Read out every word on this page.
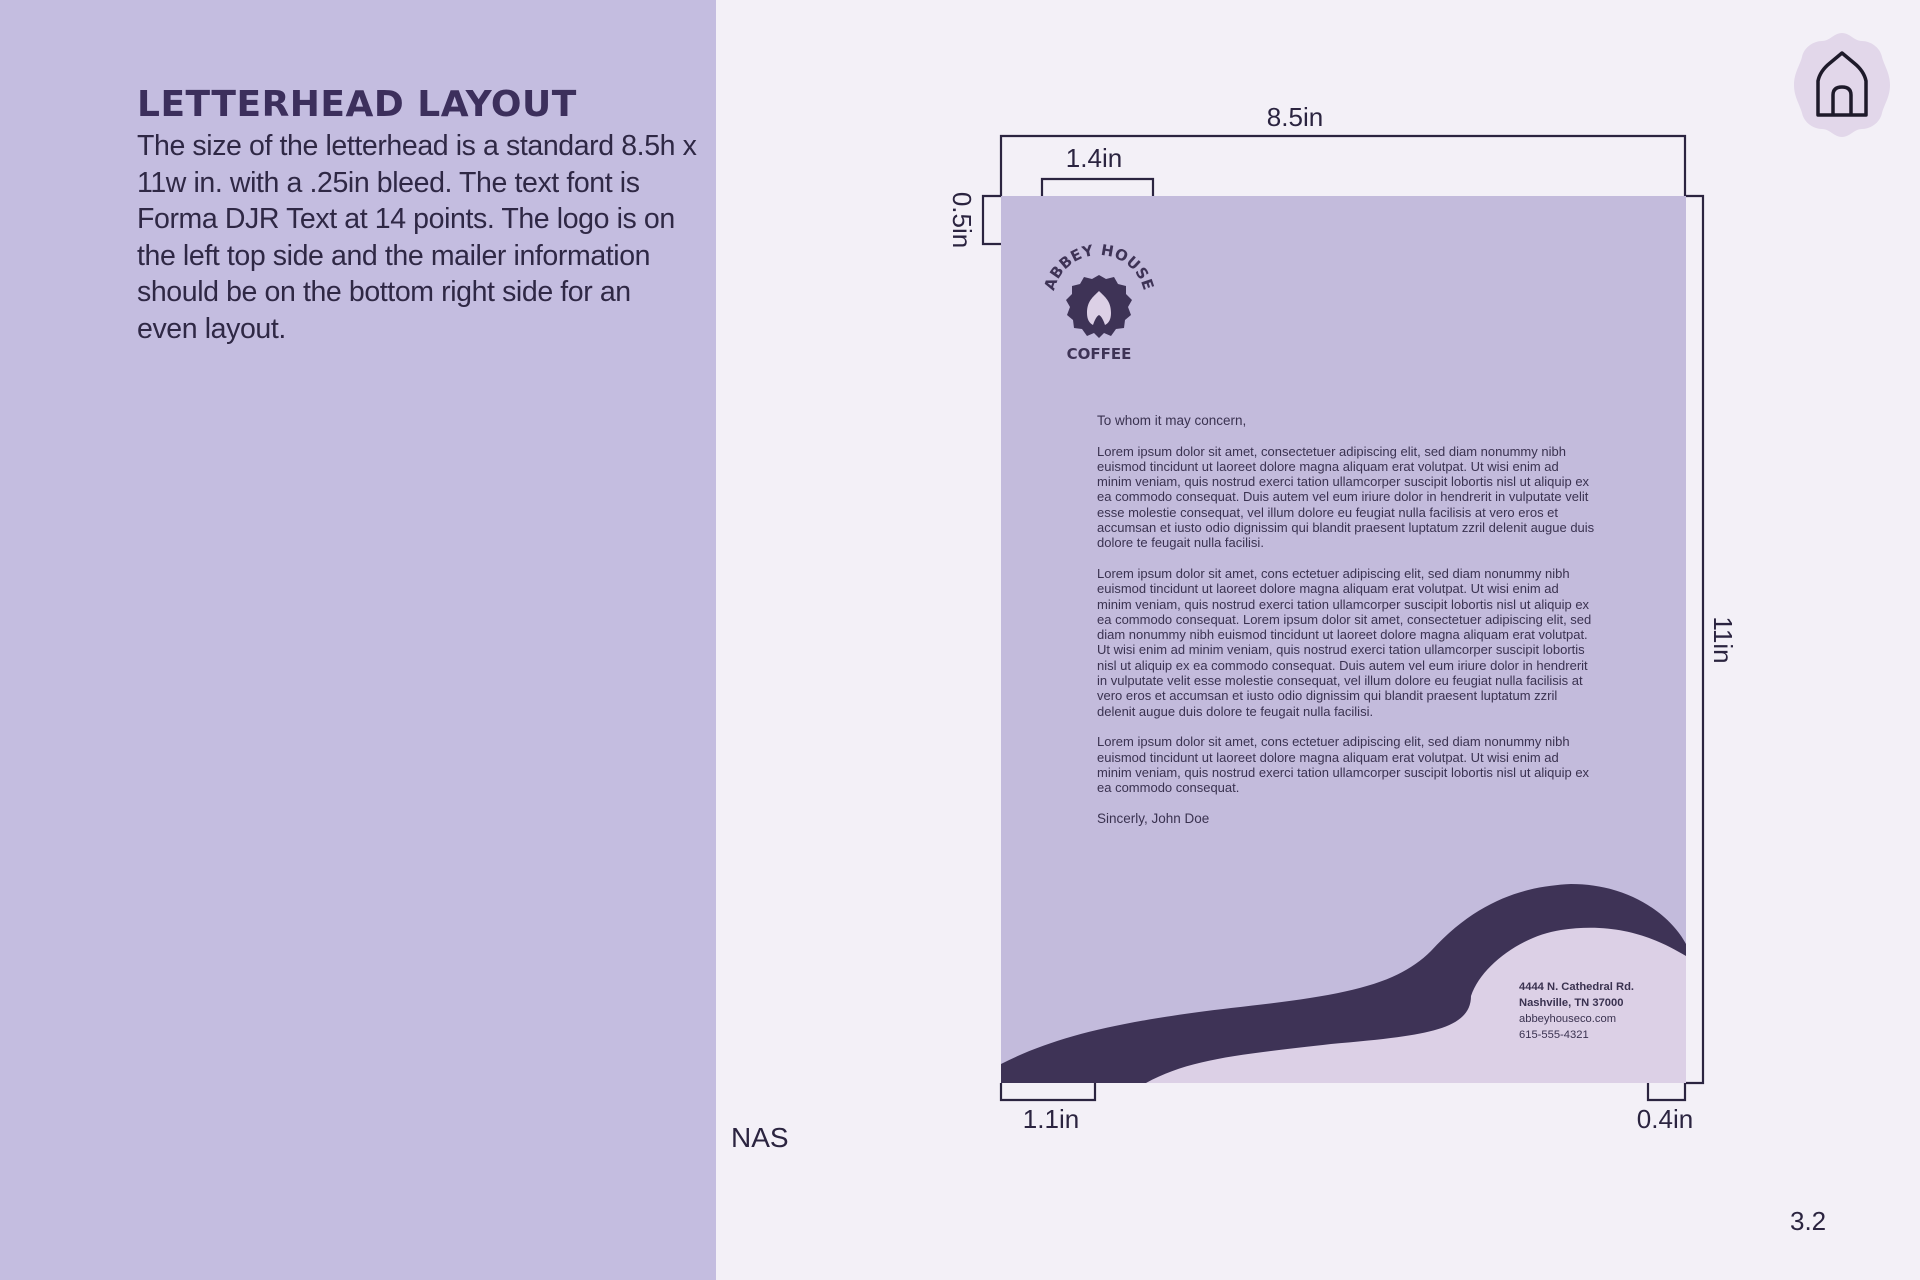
LETTERHEAD LAYOUT
The size of the letterhead is a standard 8.5h x 11w in. with a .25in bleed. The text font is Forma DJR Text at 14 points. The logo is on the left top side and the mailer information should be on the bottom right side for an even layout.
8.5in
1.4in
0.5in
11in
1.1in	0.4in
ABBEY HOUSE
COFFEE

To whom it may concern,

Lorem ipsum dolor sit amet, consectetuer adipiscing elit, sed diam nonummy nibh euismod tincidunt ut laoreet dolore magna aliquam erat volutpat. Ut wisi enim ad minim veniam, quis nostrud exerci tation ullamcorper suscipit lobortis nisl ut aliquip ex ea commodo consequat. Duis autem vel eum iriure dolor in hendrerit in vulputate velit esse molestie consequat, vel illum dolore eu feugiat nulla facilisis at vero eros et accumsan et iusto odio dignissim qui blandit praesent luptatum zzril delenit augue duis dolore te feugait nulla facilisi.

Lorem ipsum dolor sit amet, cons ectetuer adipiscing elit, sed diam nonummy nibh euismod tincidunt ut laoreet dolore magna aliquam erat volutpat. Ut wisi enim ad minim veniam, quis nostrud exerci tation ullamcorper suscipit lobortis nisl ut aliquip ex ea commodo consequat. Lorem ipsum dolor sit amet, consectetuer adipiscing elit, sed diam nonummy nibh euismod tincidunt ut laoreet dolore magna aliquam erat volutpat. Ut wisi enim ad minim veniam, quis nostrud exerci tation ullamcorper suscipit lobortis nisl ut aliquip ex ea commodo consequat. Duis autem vel eum iriure dolor in hendrerit in vulputate velit esse molestie consequat, vel illum dolore eu feugiat nulla facilisis at vero eros et accumsan et iusto odio dignissim qui blandit praesent luptatum zzril delenit augue duis dolore te feugait nulla facilisi.

Lorem ipsum dolor sit amet, cons ectetuer adipiscing elit, sed diam nonummy nibh euismod tincidunt ut laoreet dolore magna aliquam erat volutpat. Ut wisi enim ad minim veniam, quis nostrud exerci tation ullamcorper suscipit lobortis nisl ut aliquip ex ea commodo consequat.

Sincerly, John Doe

4444 N. Cathedral Rd.
Nashville, TN 37000
abbeyhouseco.com
615-555-4321
NAS
3.2
